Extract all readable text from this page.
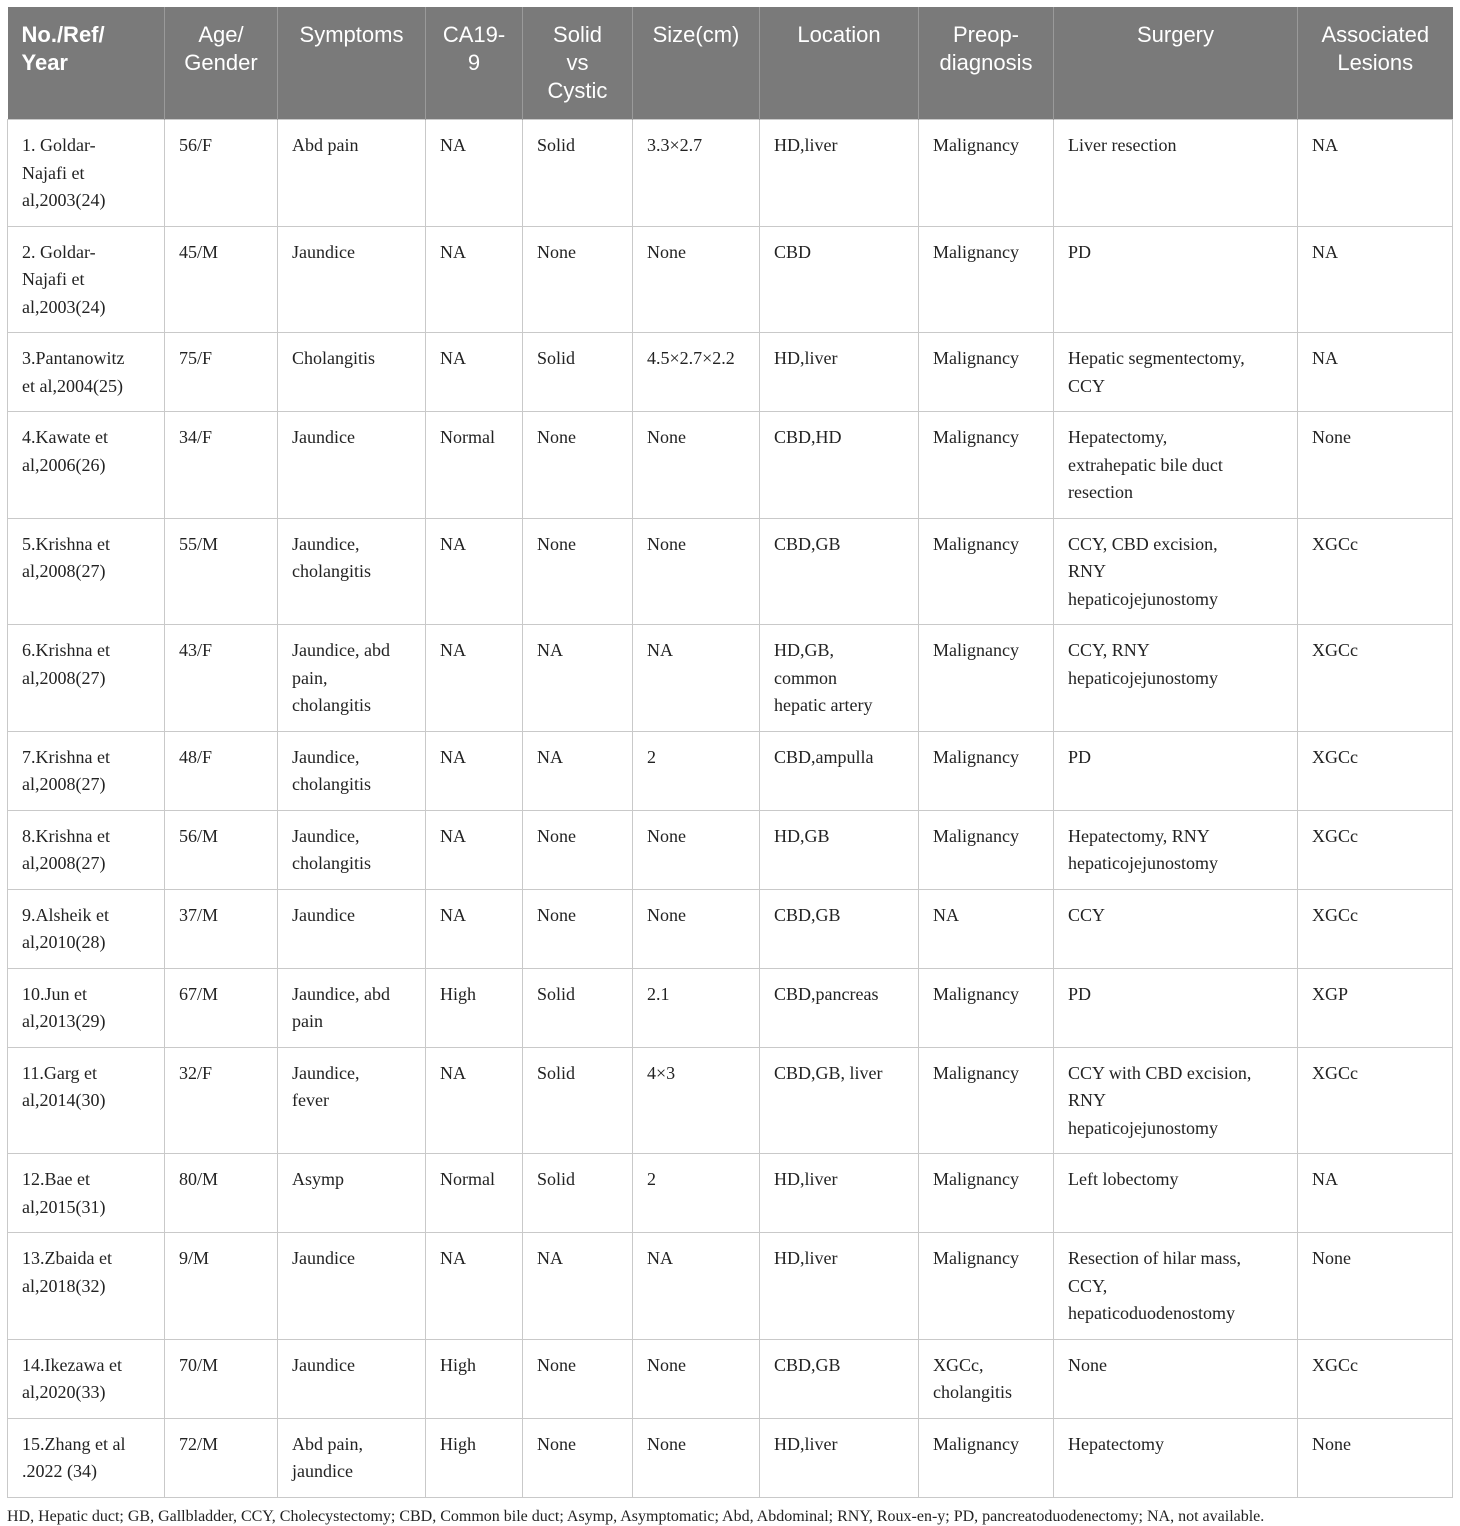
No./Ref/
Year	Age/
Gender	Symptoms	CA19-
9	Solid
vs
Cystic	Size(cm)	Location	Preop-
diagnosis	Surgery	Associated
Lesions
1. Goldar-
Najafi et
al,2003(24)	56/F	Abd pain	NA	Solid	3.3×2.7	HD,liver	Malignancy	Liver resection	NA
2. Goldar-
Najafi et
al,2003(24)	45/M	Jaundice	NA	None	None	CBD	Malignancy	PD	NA
3.Pantanowitz
et al,2004(25)	75/F	Cholangitis	NA	Solid	4.5×2.7×2.2	HD,liver	Malignancy	Hepatic segmentectomy,
CCY	NA
4.Kawate et
al,2006(26)	34/F	Jaundice	Normal	None	None	CBD,HD	Malignancy	Hepatectomy,
extrahepatic bile duct
resection	None
5.Krishna et
al,2008(27)	55/M	Jaundice,
cholangitis	NA	None	None	CBD,GB	Malignancy	CCY, CBD excision,
RNY
hepaticojejunostomy	XGCc
6.Krishna et
al,2008(27)	43/F	Jaundice, abd
pain,
cholangitis	NA	NA	NA	HD,GB,
common
hepatic artery	Malignancy	CCY, RNY
hepaticojejunostomy	XGCc
7.Krishna et
al,2008(27)	48/F	Jaundice,
cholangitis	NA	NA	2	CBD,ampulla	Malignancy	PD	XGCc
8.Krishna et
al,2008(27)	56/M	Jaundice,
cholangitis	NA	None	None	HD,GB	Malignancy	Hepatectomy, RNY
hepaticojejunostomy	XGCc
9.Alsheik et
al,2010(28)	37/M	Jaundice	NA	None	None	CBD,GB	NA	CCY	XGCc
10.Jun et
al,2013(29)	67/M	Jaundice, abd
pain	High	Solid	2.1	CBD,pancreas	Malignancy	PD	XGP
11.Garg et
al,2014(30)	32/F	Jaundice,
fever	NA	Solid	4×3	CBD,GB, liver	Malignancy	CCY with CBD excision,
RNY
hepaticojejunostomy	XGCc
12.Bae et
al,2015(31)	80/M	Asymp	Normal	Solid	2	HD,liver	Malignancy	Left lobectomy	NA
13.Zbaida et
al,2018(32)	9/M	Jaundice	NA	NA	NA	HD,liver	Malignancy	Resection of hilar mass,
CCY,
hepaticoduodenostomy	None
14.Ikezawa et
al,2020(33)	70/M	Jaundice	High	None	None	CBD,GB	XGCc,
cholangitis	None	XGCc
15.Zhang et al
.2022 (34)	72/M	Abd pain,
jaundice	High	None	None	HD,liver	Malignancy	Hepatectomy	None
HD, Hepatic duct; GB, Gallbladder, CCY, Cholecystectomy; CBD, Common bile duct; Asymp, Asymptomatic; Abd, Abdominal; RNY, Roux-en-y; PD, pancreatoduodenectomy; NA, not available.
